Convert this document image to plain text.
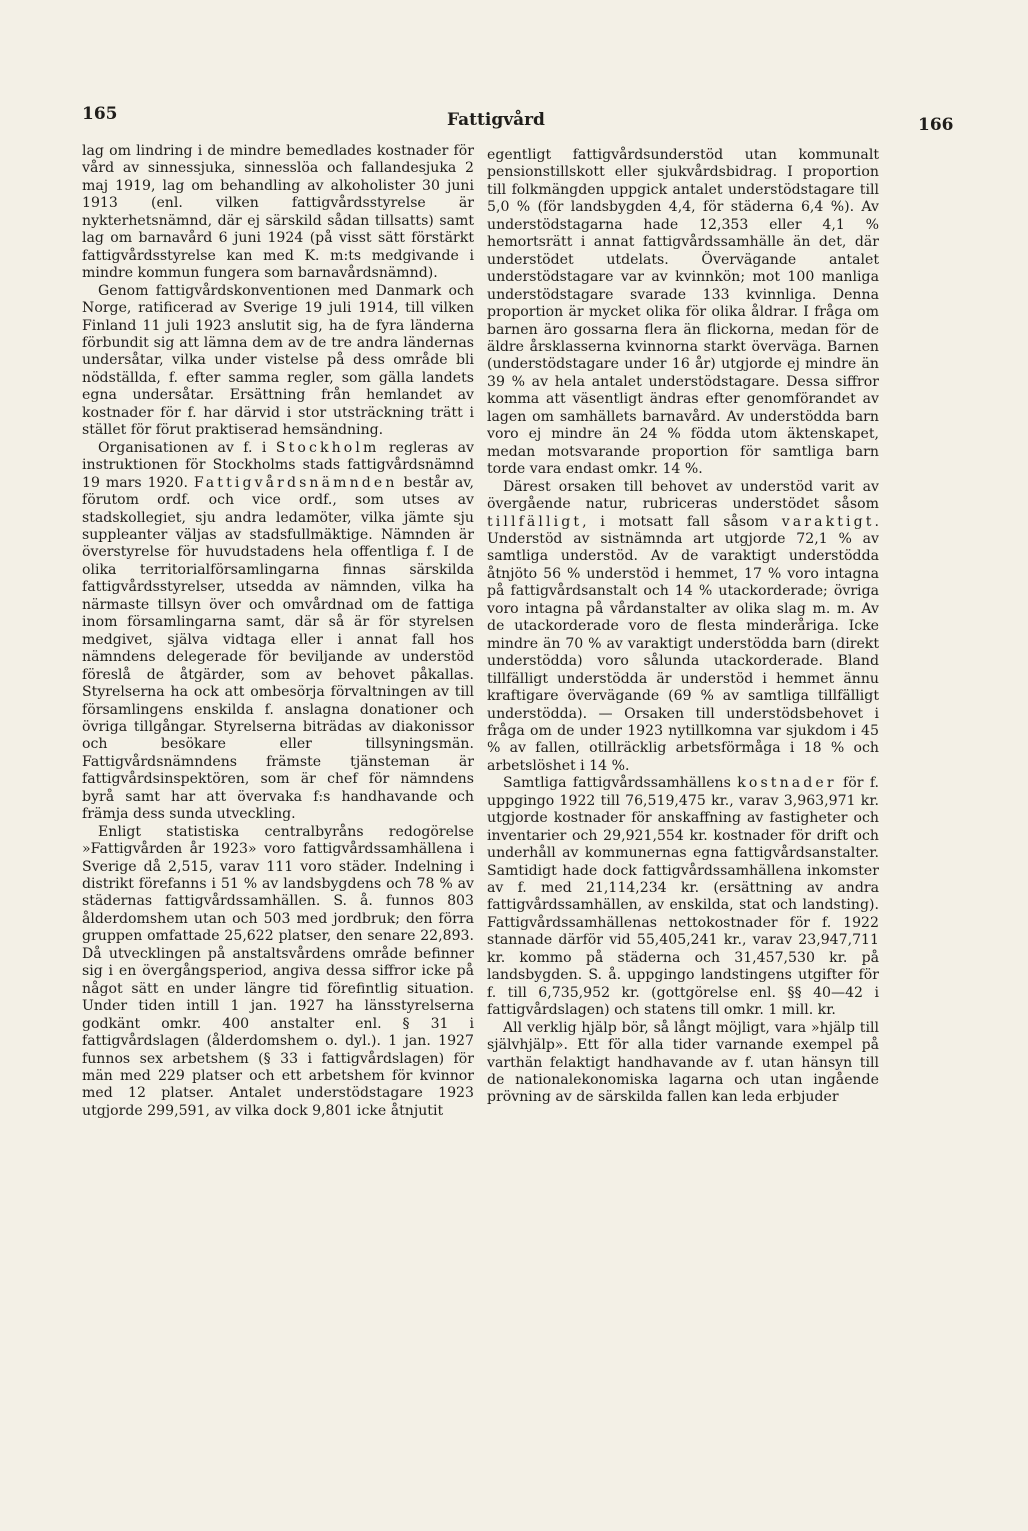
165	Fattigvård	166

lag om lindring i de mindre bemedlades kostnader för vård av sinnessjuka, sinnesslöa och fallandesjuka 2 maj 1919, lag om behandling av alkoholister 30 juni 1913 (enl. vilken fattigvårdsstyrelse är nykterhetsnämnd, där ej särskild sådan tillsatts) samt lag om barnavård 6 juni 1924 (på visst sätt förstärkt fattigvårdsstyrelse kan med K. m:ts medgivande i mindre kommun fungera som barnavårdsnämnd).

Genom fattigvårdskonventionen med Danmark och Norge, ratificerad av Sverige 19 juli 1914, till vilken Finland 11 juli 1923 anslutit sig, ha de fyra länderna förbundit sig att lämna dem av de tre andra ländernas undersåtar, vilka under vistelse på dess område bli nödställda, f. efter samma regler, som gälla landets egna undersåtar. Ersättning från hemlandet av kostnader för f. har därvid i stor utsträckning trätt i stället för förut praktiserad hemsändning.

Organisationen av f. i Stockholm regleras av instruktionen för Stockholms stads fattigvårdsnämnd 19 mars 1920. Fattigvårdsnämnden består av, förutom ordf. och vice ordf., som utses av stadskollegiet, sju andra ledamöter, vilka jämte sju suppleanter väljas av stadsfullmäktige. Nämnden är överstyrelse för huvudstadens hela offentliga f. I de olika territorialförsamlingarna finnas särskilda fattigvårdsstyrelser, utsedda av nämnden, vilka ha närmaste tillsyn över och omvårdnad om de fattiga inom församlingarna samt, där så är för styrelsen medgivet, själva vidtaga eller i annat fall hos nämndens delegerade för beviljande av understöd föreslå de åtgärder, som av behovet påkallas. Styrelserna ha ock att ombesörja förvaltningen av till församlingens enskilda f. anslagna donationer och övriga tillgångar. Styrelserna biträdas av diakonissor och besökare eller tillsyningsmän. Fattigvårdsnämndens främste tjänsteman är fattigvårdsinspektören, som är chef för nämndens byrå samt har att övervaka f:s handhavande och främja dess sunda utveckling.

Enligt statistiska centralbyråns redogörelse »Fattigvården år 1923» voro fattigvårdssamhällena i Sverige då 2,515, varav 111 voro städer. Indelning i distrikt förefanns i 51 % av landsbygdens och 78 % av städernas fattigvårdssamhällen. S. å. funnos 803 ålderdomshem utan och 503 med jordbruk; den förra gruppen omfattade 25,622 platser, den senare 22,893. Då utvecklingen på anstaltsvårdens område befinner sig i en övergångsperiod, angiva dessa siffror icke på något sätt en under längre tid förefintlig situation. Under tiden intill 1 jan. 1927 ha länsstyrelserna godkänt omkr. 400 anstalter enl. § 31 i fattigvårdslagen (ålderdomshem o. dyl.). 1 jan. 1927 funnos sex arbetshem (§ 33 i fattigvårdslagen) för män med 229 platser och ett arbetshem för kvinnor med 12 platser. Antalet understödstagare 1923 utgjorde 299,591, av vilka dock 9,801 icke åtnjutit

egentligt fattigvårdsunderstöd utan kommunalt pensionstillskott eller sjukvårdsbidrag. I proportion till folkmängden uppgick antalet understödstagare till 5,0 % (för landsbygden 4,4, för städerna 6,4 %). Av understödstagarna hade 12,353 eller 4,1 % hemortsrätt i annat fattigvårdssamhälle än det, där understödet utdelats. Övervägande antalet understödstagare var av kvinnkön; mot 100 manliga understödstagare svarade 133 kvinnliga. Denna proportion är mycket olika för olika åldrar. I fråga om barnen äro gossarna flera än flickorna, medan för de äldre årsklasserna kvinnorna starkt överväga. Barnen (understödstagare under 16 år) utgjorde ej mindre än 39 % av hela antalet understödstagare. Dessa siffror komma att väsentligt ändras efter genomförandet av lagen om samhällets barnavård. Av understödda barn voro ej mindre än 24 % födda utom äktenskapet, medan motsvarande proportion för samtliga barn torde vara endast omkr. 14 %.

Därest orsaken till behovet av understöd varit av övergående natur, rubriceras understödet såsom tillfälligt, i motsatt fall såsom varaktigt. Understöd av sistnämnda art utgjorde 72,1 % av samtliga understöd. Av de varaktigt understödda åtnjöto 56 % understöd i hemmet, 17 % voro intagna på fattigvårdsanstalt och 14 % utackorderade; övriga voro intagna på vårdanstalter av olika slag m. m. Av de utackorderade voro de flesta minderåriga. Icke mindre än 70 % av varaktigt understödda barn (direkt understödda) voro sålunda utackorderade. Bland tillfälligt understödda är understöd i hemmet ännu kraftigare övervägande (69 % av samtliga tillfälligt understödda). — Orsaken till understödsbehovet i fråga om de under 1923 nytillkomna var sjukdom i 45 % av fallen, otillräcklig arbetsförmåga i 18 % och arbetslöshet i 14 %.

Samtliga fattigvårdssamhällens kostnader för f. uppgingo 1922 till 76,519,475 kr., varav 3,963,971 kr. utgjorde kostnader för anskaffning av fastigheter och inventarier och 29,921,554 kr. kostnader för drift och underhåll av kommunernas egna fattigvårdsanstalter. Samtidigt hade dock fattigvårdssamhällena inkomster av f. med 21,114,234 kr. (ersättning av andra fattigvårdssamhällen, av enskilda, stat och landsting). Fattigvårdssamhällenas nettokostnader för f. 1922 stannade därför vid 55,405,241 kr., varav 23,947,711 kr. kommo på städerna och 31,457,530 kr. på landsbygden. S. å. uppgingo landstingens utgifter för f. till 6,735,952 kr. (gottgörelse enl. §§ 40—42 i fattigvårdslagen) och statens till omkr. 1 mill. kr.

All verklig hjälp bör, så långt möjligt, vara »hjälp till självhjälp». Ett för alla tider varnande exempel på varthän felaktigt handhavande av f. utan hänsyn till de nationalekonomiska lagarna och utan ingående prövning av de särskilda fallen kan leda erbjuder
